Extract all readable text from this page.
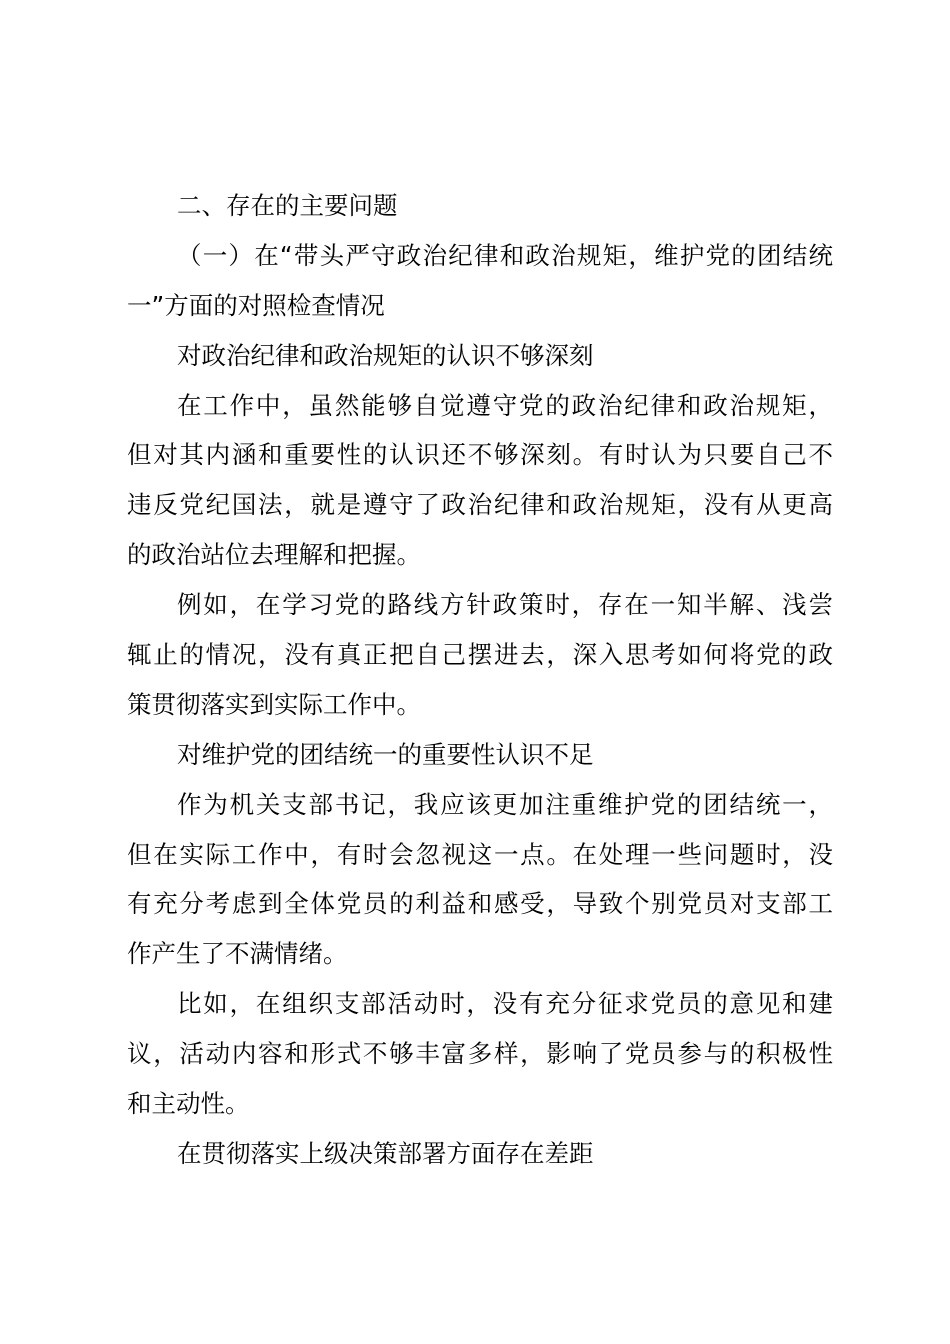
二、存在的主要问题
（一）在“带头严守政治纪律和政治规矩，维护党的团结统
一”方面的对照检查情况
对政治纪律和政治规矩的认识不够深刻
在工作中，虽然能够自觉遵守党的政治纪律和政治规矩，
但对其内涵和重要性的认识还不够深刻。有时认为只要自己不
违反党纪国法，就是遵守了政治纪律和政治规矩，没有从更高
的政治站位去理解和把握。
例如，在学习党的路线方针政策时，存在一知半解、浅尝
辄止的情况，没有真正把自己摆进去，深入思考如何将党的政
策贯彻落实到实际工作中。
对维护党的团结统一的重要性认识不足
作为机关支部书记，我应该更加注重维护党的团结统一，
但在实际工作中，有时会忽视这一点。在处理一些问题时，没
有充分考虑到全体党员的利益和感受，导致个别党员对支部工
作产生了不满情绪。
比如，在组织支部活动时，没有充分征求党员的意见和建
议，活动内容和形式不够丰富多样，影响了党员参与的积极性
和主动性。
在贯彻落实上级决策部署方面存在差距
